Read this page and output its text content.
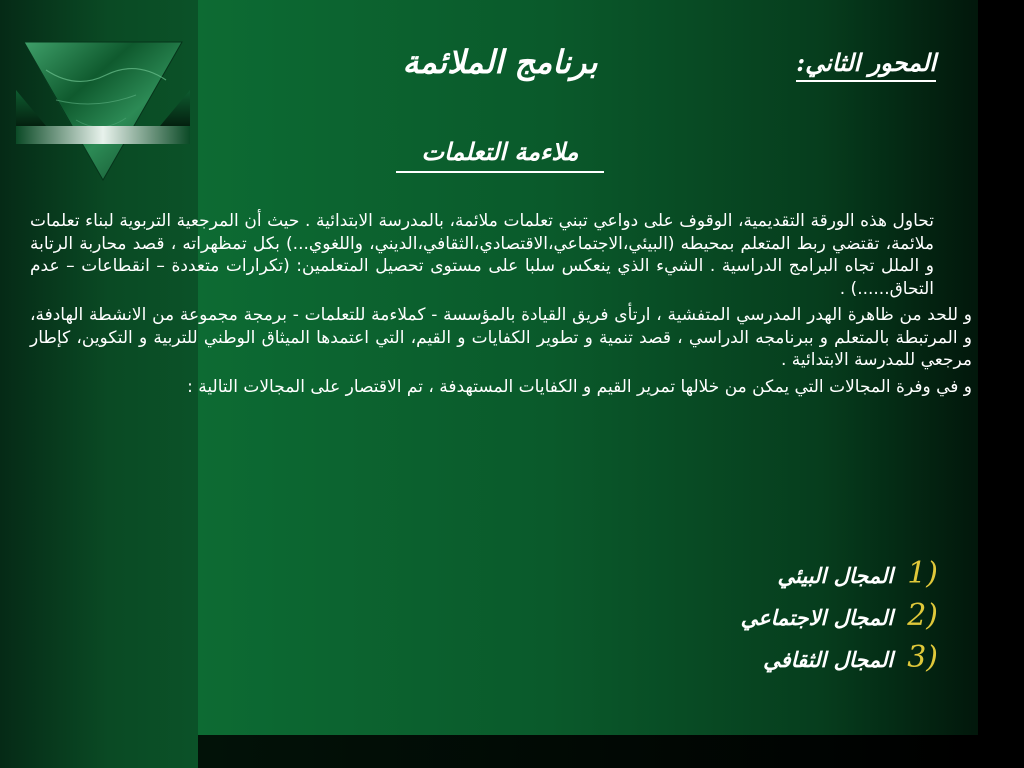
المحور الثاني:
برنامج الملائمة
ملاءمة التعلمات

تحاول هذه الورقة التقديمية، الوقوف على دواعي تبني تعلمات ملائمة، بالمدرسة الابتدائية . حيث أن المرجعية التربوية لبناء تعلمات ملائمة، تقتضي ربط المتعلم بمحيطه (البيئي،الاجتماعي،الاقتصادي،الثقافي،الديني، واللغوي...) بكل تمظهراته ، قصد محاربة الرتابة و الملل تجاه البرامج الدراسية . الشيء الذي ينعكس سلبا على مستوى تحصيل المتعلمين: (تكرارات متعددة – انقطاعات – عدم التحاق......) .

و للحد من ظاهرة الهدر المدرسي المتفشية ، ارتأى فريق القيادة بالمؤسسة - كملاءمة للتعلمات - برمجة مجموعة من الانشطة الهادفة، و المرتبطة بالمتعلم و ببرنامجه الدراسي ، قصد تنمية و تطوير الكفايات و القيم، التي اعتمدها الميثاق الوطني للتربية و التكوين، كإطار مرجعي للمدرسة الابتدائية .

و في وفرة المجالات التي يمكن من خلالها تمرير القيم و الكفايات المستهدفة ، تم الاقتصار على المجالات التالية :

1)المجال البيئي
2)المجال الاجتماعي
3)المجال الثقافي
